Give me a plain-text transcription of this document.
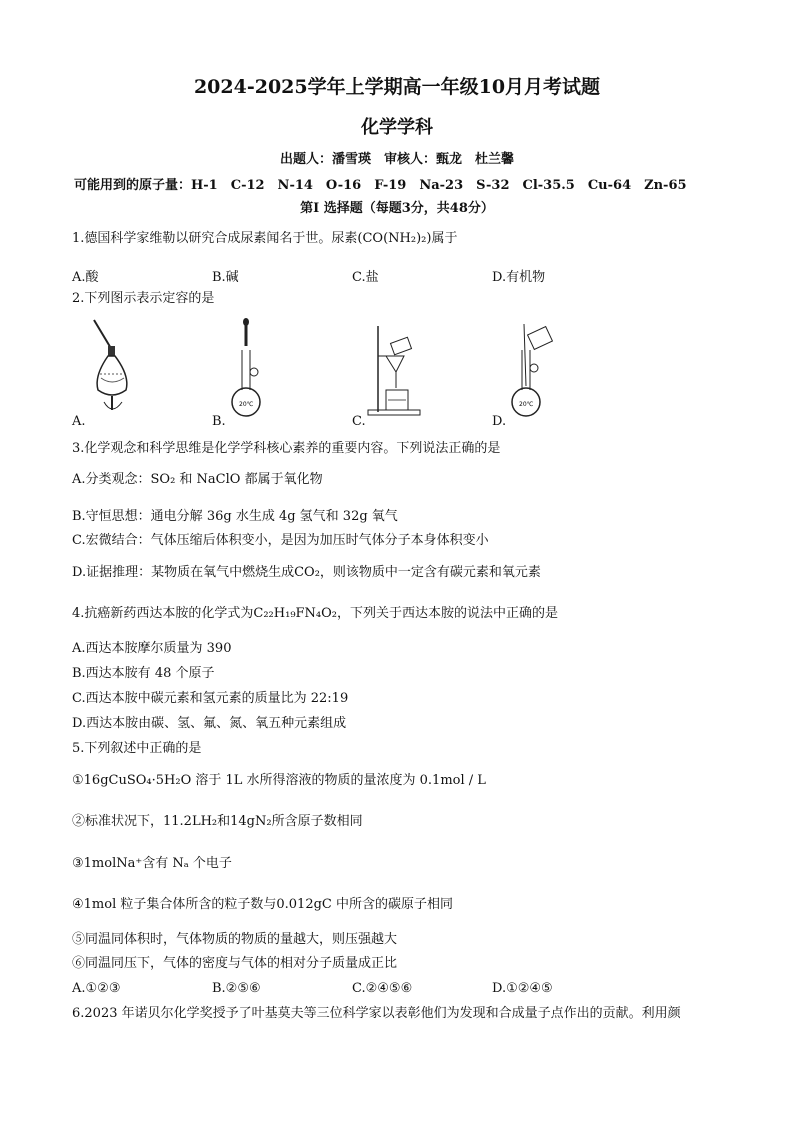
2024-2025学年上学期高一年级10月月考试题
化学学科
出题人：潘雪瑛　审核人：甄龙　杜兰馨
可能用到的原子量：H-1　C-12　N-14　O-16　F-19　Na-23　S-32　Cl-35.5　Cu-64　Zn-65
第Ⅰ 选择题（每题3分，共48分）
1.德国科学家维勒以研究合成尿素闻名于世。尿素(CO(NH₂)₂)属于
A.酸	B.碱	C.盐	D.有机物
2.下列图示表示定容的是
A.
20℃
B.	C.
20℃
D.
3.化学观念和科学思维是化学学科核心素养的重要内容。下列说法正确的是
A.分类观念：SO₂ 和 NaClO 都属于氧化物
B.守恒思想：通电分解 36g 水生成 4g 氢气和 32g 氧气
C.宏微结合：气体压缩后体积变小，是因为加压时气体分子本身体积变小
D.证据推理：某物质在氧气中燃烧生成CO₂，则该物质中一定含有碳元素和氧元素
4.抗癌新药西达本胺的化学式为C₂₂H₁₉FN₄O₂，下列关于西达本胺的说法中正确的是
A.西达本胺摩尔质量为 390
B.西达本胺有 48 个原子
C.西达本胺中碳元素和氢元素的质量比为 22:19
D.西达本胺由碳、氢、氟、氮、氧五种元素组成
5.下列叙述中正确的是
①16gCuSO₄·5H₂O 溶于 1L 水所得溶液的物质的量浓度为 0.1mol / L
②标准状况下，11.2LH₂和14gN₂所含原子数相同
③1molNa⁺含有 Nₐ 个电子
④1mol 粒子集合体所含的粒子数与0.012gC 中所含的碳原子相同
⑤同温同体积时，气体物质的物质的量越大，则压强越大
⑥同温同压下，气体的密度与气体的相对分子质量成正比
A.①②③	B.②⑤⑥	C.②④⑤⑥	D.①②④⑤
6.2023 年诺贝尔化学奖授予了叶基莫夫等三位科学家以表彰他们为发现和合成量子点作出的贡献。利用颜
